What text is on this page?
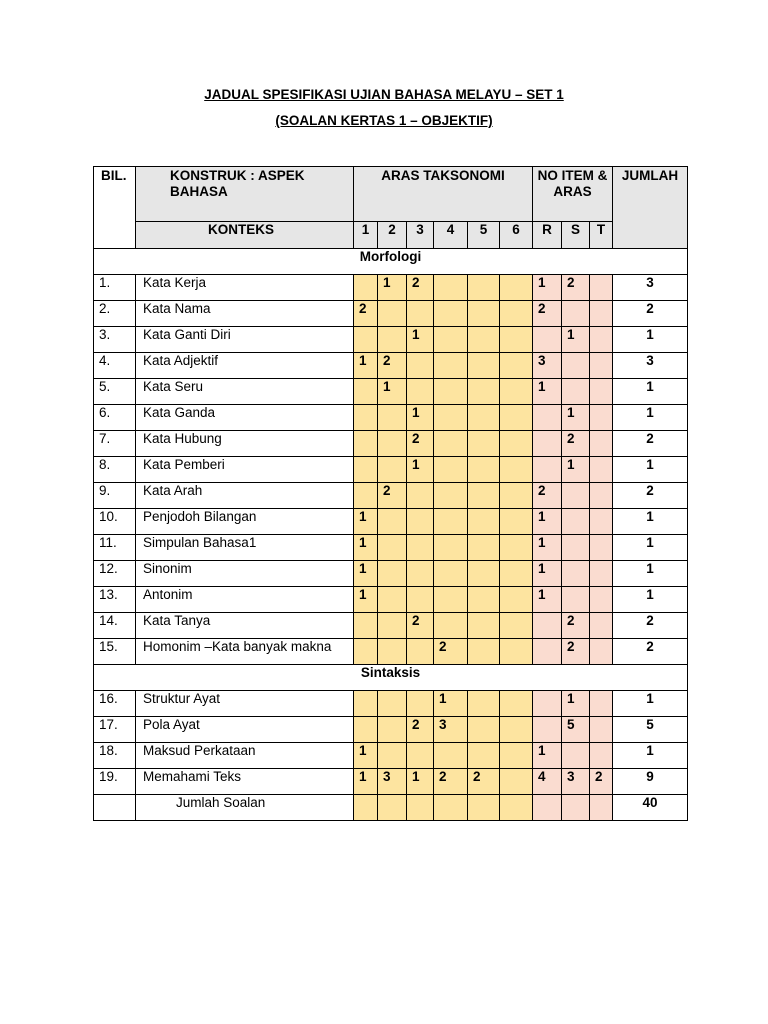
JADUAL SPESIFIKASI UJIAN BAHASA MELAYU – SET 1
(SOALAN KERTAS 1 – OBJEKTIF)
BIL.	KONSTRUK : ASPEK BAHASA	ARAS TAKSONOMI						NO ITEM & ARAS			JUMLAH
	KONTEKS	1	2	3	4	5	6	R	S	T	
Morfologi											
1.	Kata Kerja		1	2				1	2		3
2.	Kata Nama	2						2			2
3.	Kata Ganti Diri			1					1		1
4.	Kata Adjektif	1	2					3			3
5.	Kata Seru		1					1			1
6.	Kata Ganda			1					1		1
7.	Kata Hubung			2					2		2
8.	Kata Pemberi			1					1		1
9.	Kata Arah		2					2			2
10.	Penjodoh Bilangan	1						1			1
11.	Simpulan Bahasa1	1						1			1
12.	Sinonim	1						1			1
13.	Antonim	1						1			1
14.	Kata Tanya			2					2		2
15.	Homonim –Kata banyak makna				2				2		2
Sintaksis											
16.	Struktur Ayat				1				1		1
17.	Pola Ayat			2	3				5		5
18.	Maksud Perkataan	1						1			1
19.	Memahami Teks	1	3	1	2	2		4	3	2	9
	Jumlah Soalan										40
